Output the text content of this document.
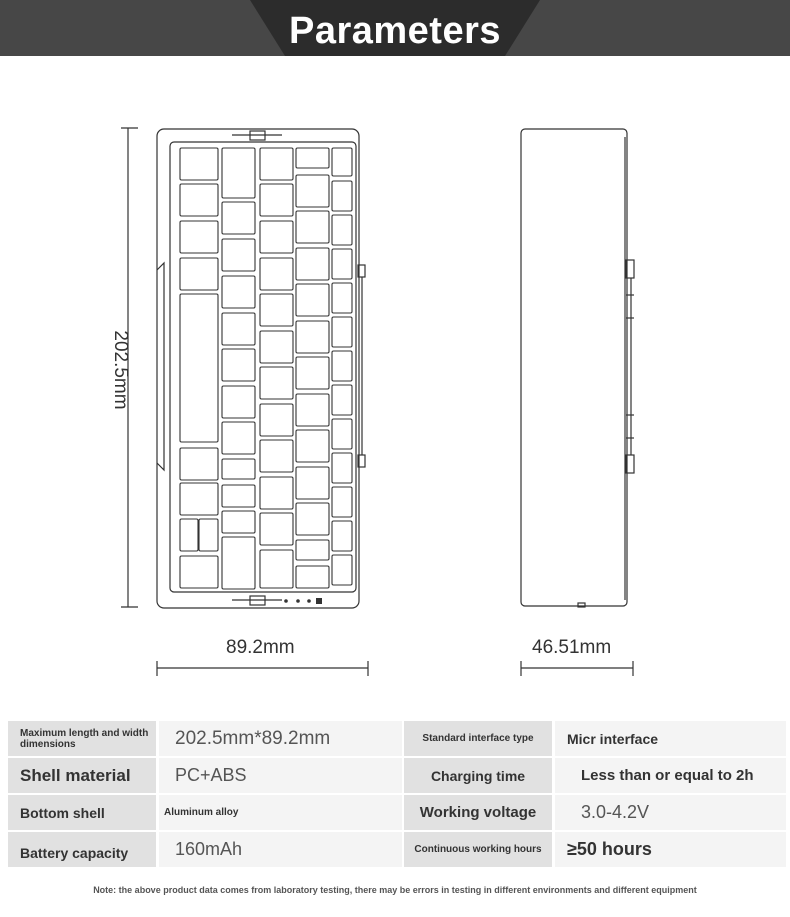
Parameters
202.5mm
89.2mm	46.51mm
Maximum length and width dimensions	202.5mm*89.2mm	Standard interface type	Micr interface
Shell material	PC+ABS	Charging time	Less than or equal to 2h
Bottom shell	Aluminum alloy	Working voltage	3.0-4.2V
Battery capacity	160mAh	Continuous working hours	≥50 hours
Note: the above product data comes from laboratory testing, there may be errors in testing in different environments and different equipment
